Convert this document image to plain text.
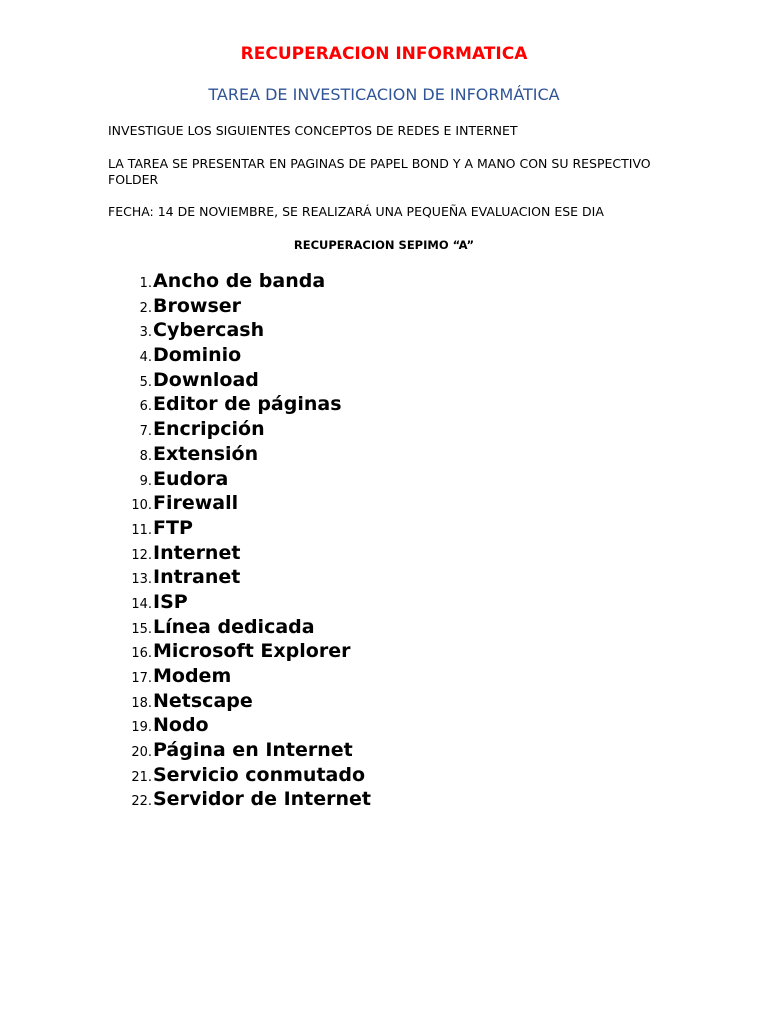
RECUPERACION INFORMATICA
TAREA DE INVESTICACION DE INFORMÁTICA
INVESTIGUE LOS SIGUIENTES CONCEPTOS DE REDES E INTERNET
LA TAREA SE PRESENTAR EN PAGINAS DE PAPEL BOND Y A MANO CON SU RESPECTIVO FOLDER
FECHA: 14 DE NOVIEMBRE, SE REALIZARÁ UNA PEQUEÑA EVALUACION ESE DIA
RECUPERACION SEPIMO “A”
1. Ancho de banda
2. Browser
3. Cybercash
4. Dominio
5. Download
6. Editor de páginas
7. Encripción
8. Extensión
9. Eudora
10. Firewall
11. FTP
12. Internet
13. Intranet
14. ISP
15. Línea dedicada
16. Microsoft Explorer
17. Modem
18. Netscape
19. Nodo
20. Página en Internet
21. Servicio conmutado
22. Servidor de Internet
